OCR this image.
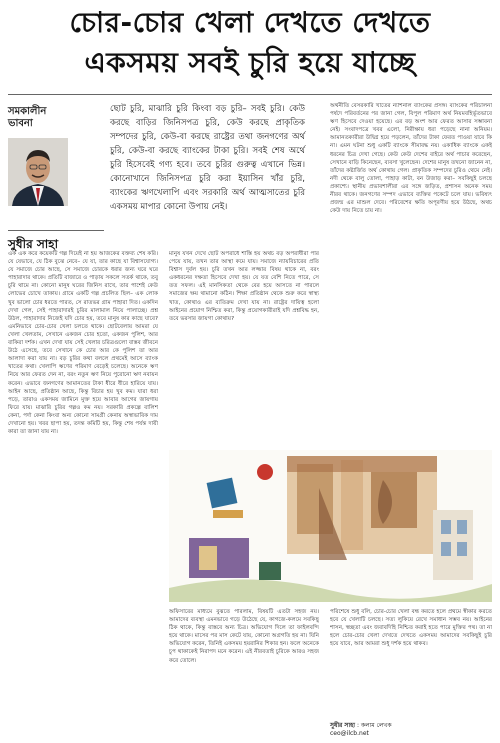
চোর-চোর খেলা দেখতে দেখতে
একসময় সবই চুরি হয়ে যাচ্ছে
সমকালীন
ভাবনা
সুধীর সাহা
ছোট চুরি, মাঝারি চুরি কিংবা বড় চুরি– সবই চুরি। কেউ করছে বাড়ির জিনিসপত্র চুরি, কেউ করছে প্রাকৃতিক সম্পদের চুরি, কেউ-বা করছে রাষ্ট্রের তথা জনগণের অর্থ চুরি, কেউ-বা করছে ব্যাংকের টাকা চুরি। সবই শেষ অর্থে চুরি হিসেবেই গণ্য হবে। তবে চুরির গুরুত্ব এখানে ভিন্ন। কোনোখানে জিনিসপত্র চুরি করা ইয়াসিন খাঁর চুরি, ব্যাংকের ঋণখেলাপি এবং সরকারি অর্থ আত্মসাতের চুরি একসময় মাপার কোনো উপায় নেই।
এক এক করে কয়েকটি গল্প দিয়েই না হয় আজকের বক্তব্য শেষ করি। যে যেভাবে, যে ঠিক বুঝে নেবে– যে যা, তার কাছে যা বিশ্বাসযোগ্য। যে সমাজে চোর আছে, সে সমাজে চোরকে ধরার জন্য ঘরে ঘরে পাহারাদার থাকে। প্রতিটি বাজারে ও পাড়ায় সকলে সতর্ক থাকে, তবু চুরি থামে না। কোনো মানুষ ঘরের জিনিস রাখে, তার পাশেই কেউ লোভের চোখে তাকায়। গ্রামে একটি গল্প প্রচলিত ছিল– এক লোক খুব ভালো চোর ধরতে পারত, সে রাতভর গ্রাম পাহারা দিত। একদিন দেখা গেল, সেই পাহারাদারই চুরির মালামাল নিয়ে পালাচ্ছে। প্রশ্ন উঠল, পাহারাদার নিজেই যদি চোর হয়, তবে মানুষ কার কাছে যাবে? এমনিভাবে চোর-চোর খেলা চলতে থাকে। ছোটবেলায় আমরা যে খেলা খেলতাম, সেখানে একজন চোর হতো, একজন পুলিশ, আর বাকিরা দর্শক। এখন দেখা যায় সেই খেলার চরিত্রগুলো বাস্তব জীবনে উঠে এসেছে, তবে সেখানে কে চোর আর কে পুলিশ তা আর আলাদা করা যায় না। বড় চুরির কথা বললে প্রথমেই আসে ব্যাংক খাতের কথা। খেলাপি ঋণের পরিমাণ বেড়েই চলেছে। অনেকে ঋণ নিয়ে আর ফেরত দেন না, বরং নতুন ঋণ নিয়ে পুরোনো ঋণ নবায়ন করেন। এভাবে জনগণের আমানতের টাকা ধীরে ধীরে হারিয়ে যায়। আইন আছে, প্রতিষ্ঠান আছে, কিন্তু বিচার হয় খুব কম। যারা ধরা পড়ে, তারাও একসময় জামিনে মুক্ত হয়ে আবার আগের জায়গায় ফিরে যায়। মাঝারি চুরির গল্পও কম নয়। সরকারি প্রকল্পে বালিশ কেনা, পর্দা কেনা কিংবা অন্য কোনো সামগ্রী কেনায় অস্বাভাবিক দাম দেখানো হয়। খবর ছাপা হয়, তদন্ত কমিটি হয়, কিন্তু শেষ পর্যন্ত দায়ী কারা তা জানা যায় না।
মানুষ যখন দেখে ছোট অপরাধে শাস্তি হয় অথচ বড় অপরাধীরা পার পেয়ে যায়, তখন তার আস্থা কমে যায়। সমাজে ন্যায়বিচারের প্রতি বিশ্বাস দুর্বল হয়। চুরি তখন আর লজ্জার বিষয় থাকে না, বরং একধরনের দক্ষতা হিসেবে দেখা হয়। যে যত বেশি নিতে পারে, সে তত সফল। এই মানসিকতা থেকে বের হয়ে আসতে না পারলে সমাজের ক্ষয় থামানো কঠিন। শিক্ষা প্রতিষ্ঠান থেকে শুরু করে স্বাস্থ্য খাত, কোথাও এর ব্যতিক্রম দেখা যায় না। রাষ্ট্রের দায়িত্ব হলো আইনের প্রয়োগ নিশ্চিত করা, কিন্তু প্রয়োগকারীরাই যদি প্রশ্নবিদ্ধ হন, তবে ভরসার জায়গা কোথায়?
অর্থনীতি বেসরকারি খাতের ন্যাশনাল ব্যাংকের প্রসঙ্গ। ব্যাংকের পরিচালনা পর্ষদে পরিবর্তনের পর জানা গেল, বিপুল পরিমাণ অর্থ নিয়মবহির্ভূতভাবে ঋণ হিসেবে দেওয়া হয়েছে। এর বড় অংশ আর ফেরত আসার সম্ভাবনা নেই। সংবাদপত্রে খবর এলো, নিরীক্ষায় ধরা পড়েছে নানা অনিয়ম। আমানতকারীরা উদ্বিগ্ন হয়ে পড়লেন, তাঁদের টাকা ফেরত পাওয়া যাবে কি না। এমন ঘটনা শুধু একটি ব্যাংকে সীমাবদ্ধ নয়। একাধিক ব্যাংকে একই ধরনের চিত্র দেখা গেছে। কেউ কেউ দেশের বাইরে অর্থ পাচার করেছেন, সেখানে বাড়ি কিনেছেন, ব্যবসা খুলেছেন। দেশের মানুষ তখনো জানেন না, তাঁদের কষ্টার্জিত অর্থ কোথায় গেল। প্রাকৃতিক সম্পদের চুরিও থেমে নেই। নদী থেকে বালু তোলা, পাহাড় কাটা, বন উজাড় করা– সবকিছুই চলছে প্রকাশ্যে। স্থানীয় প্রভাবশালীরা এর সঙ্গে জড়িত, প্রশাসন অনেক সময় নীরব থাকে। জনগণের সম্পদ এভাবে ব্যক্তির পকেটে চলে যায়। ভবিষ্যৎ প্রজন্ম এর মাশুল দেবে। পরিবেশের ক্ষতি অপূরণীয় হয়ে উঠছে, অথচ কেউ দায় নিতে চায় না।
অফিসারের মাধ্যমে বুঝতে পারলাম, বিষয়টি এতটা সহজ নয়। আমাদের ব্যবস্থা এমনভাবে গড়ে উঠেছে যে, কাগজে-কলমে সবকিছু ঠিক থাকে, কিন্তু বাস্তবে অন্য চিত্র। অভিযোগ দিলে তা ফাইলবন্দি হয়ে থাকে। মাসের পর মাস কেটে যায়, কোনো অগ্রগতি হয় না। যিনি অভিযোগ করেন, তিনিই একসময় হয়রানির শিকার হন। ফলে অনেকে চুপ থাকাকেই নিরাপদ মনে করেন। এই নীরবতাই চুরিকে আরও সহজ করে তোলে।
পরিশেষে শুধু বলি, চোর-চোর খেলা বন্ধ করতে হলে প্রথমে স্বীকার করতে হবে যে খেলাটি চলছে। সত্য লুকিয়ে রেখে সমাধান সম্ভব নয়। আইনের শাসন, স্বচ্ছতা এবং জবাবদিহি নিশ্চিত করাই হতে পারে মুক্তির পথ। তা না হলে চোর-চোর খেলা দেখতে দেখতে একসময় আমাদের সবকিছুই চুরি হয়ে যাবে, আর আমরা শুধু দর্শক হয়ে থাকব।
সুধীর সাহা : কলাম লেখক
ceo@ilcb.net
